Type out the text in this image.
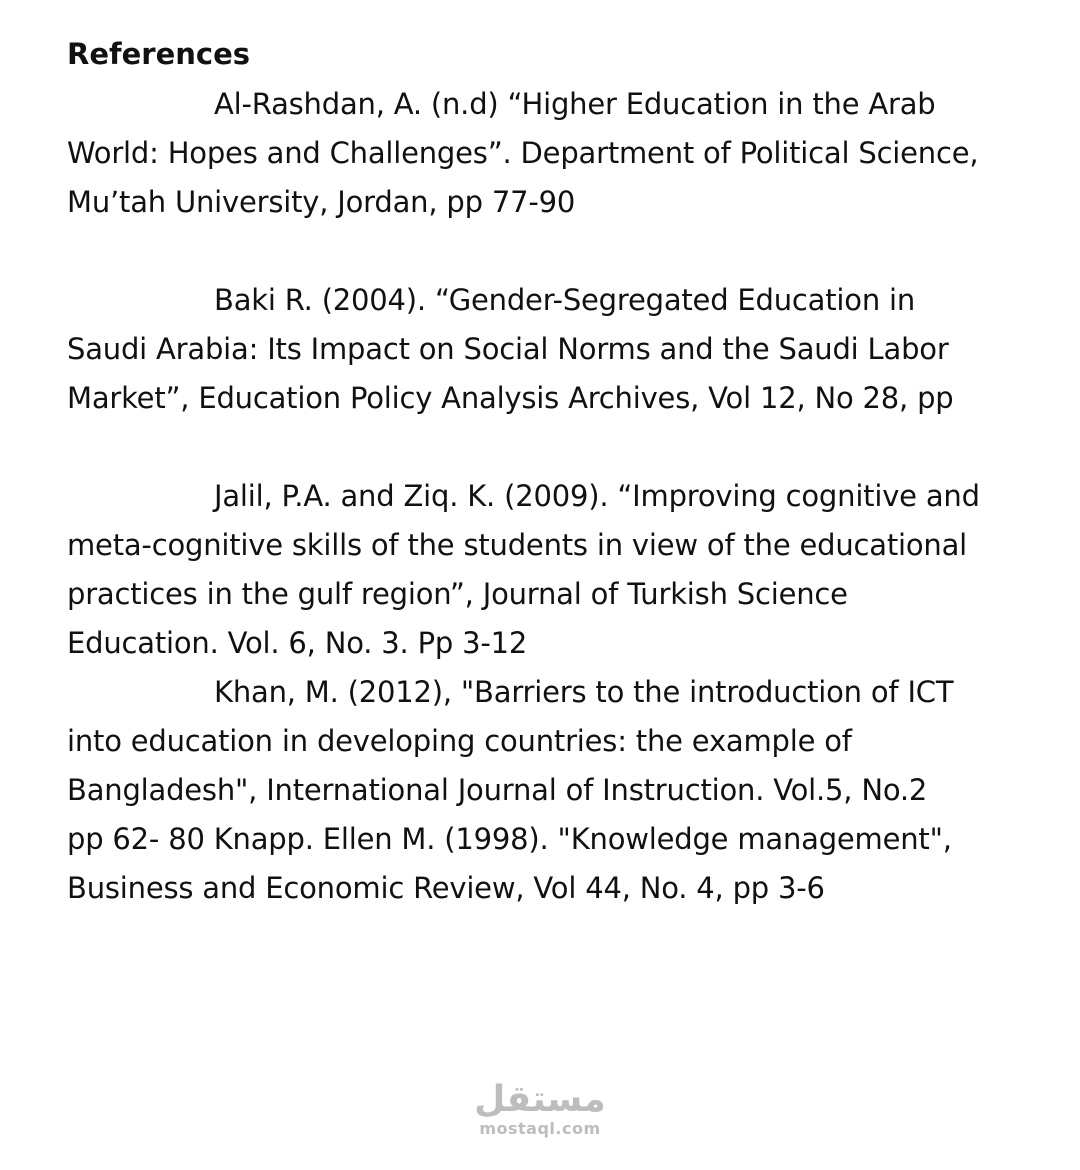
References
Al-Rashdan, A. (n.d) “Higher Education in the Arab
World: Hopes and Challenges”. Department of Political Science,
Mu’tah University, Jordan, pp 77-90
Baki R. (2004). “Gender-Segregated Education in
Saudi Arabia: Its Impact on Social Norms and the Saudi Labor
Market”, Education Policy Analysis Archives, Vol 12, No 28, pp
Jalil, P.A. and Ziq. K. (2009). “Improving cognitive and
meta-cognitive skills of the students in view of the educational
practices in the gulf region”, Journal of Turkish Science
Education. Vol. 6, No. 3. Pp 3-12
Khan, M. (2012), "Barriers to the introduction of ICT
into education in developing countries: the example of
Bangladesh", International Journal of Instruction. Vol.5, No.2
pp 62- 80 Knapp. Ellen M. (1998). "Knowledge management",
Business and Economic Review, Vol 44, No. 4, pp 3-6
مستقل
mostaql.com
